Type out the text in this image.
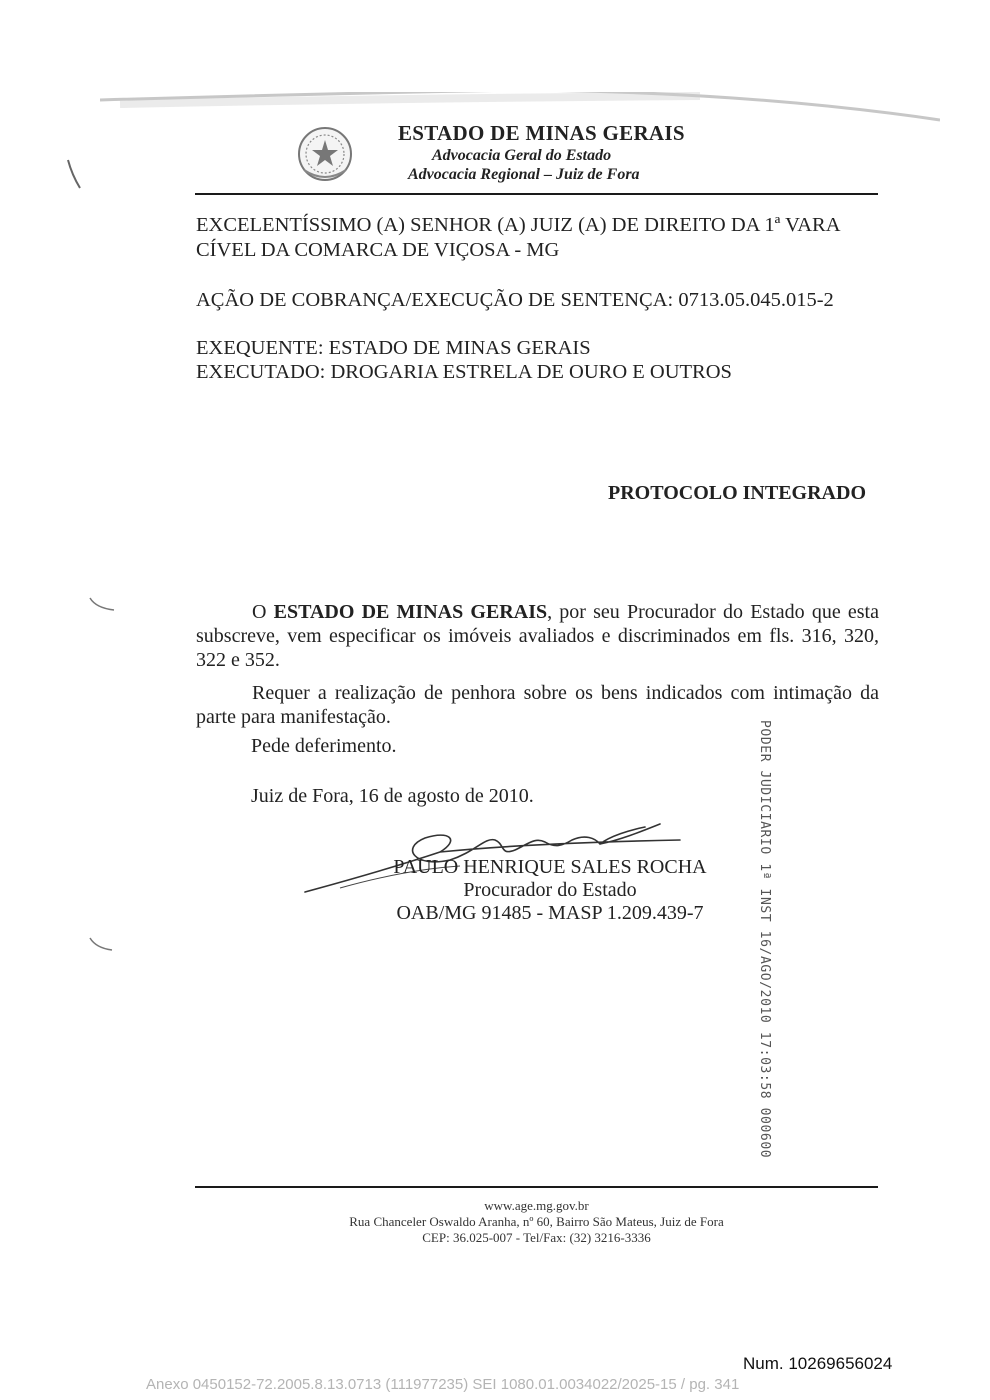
ESTADO DE MINAS GERAIS
Advocacia Geral do Estado
Advocacia Regional – Juiz de Fora
EXCELENTÍSSIMO (A) SENHOR (A) JUIZ (A) DE DIREITO DA 1ª VARA
CÍVEL DA COMARCA DE VIÇOSA - MG
AÇÃO DE COBRANÇA/EXECUÇÃO DE SENTENÇA: 0713.05.045.015-2
EXEQUENTE: ESTADO DE MINAS GERAIS
EXECUTADO: DROGARIA ESTRELA DE OURO E OUTROS
PROTOCOLO INTEGRADO
O ESTADO DE MINAS GERAIS, por seu Procurador do Estado que esta subscreve, vem especificar os imóveis avaliados e discriminados em fls. 316, 320, 322 e 352.
Requer a realização de penhora sobre os bens indicados com intimação da parte para manifestação.
Pede deferimento.
Juiz de Fora, 16 de agosto de 2010.
PAULO HENRIQUE SALES ROCHA
Procurador do Estado
OAB/MG 91485 - MASP 1.209.439-7	PODER JUDICIARIO 1ª INST 16/AGO/2010 17:03:58 000600
www.age.mg.gov.br
Rua Chanceler Oswaldo Aranha, nº 60, Bairro São Mateus, Juiz de Fora
CEP: 36.025-007 - Tel/Fax: (32) 3216-3336
Num. 10269656024
Anexo 0450152-72.2005.8.13.0713 (111977235) SEI 1080.01.0034022/2025-15 / pg. 341
